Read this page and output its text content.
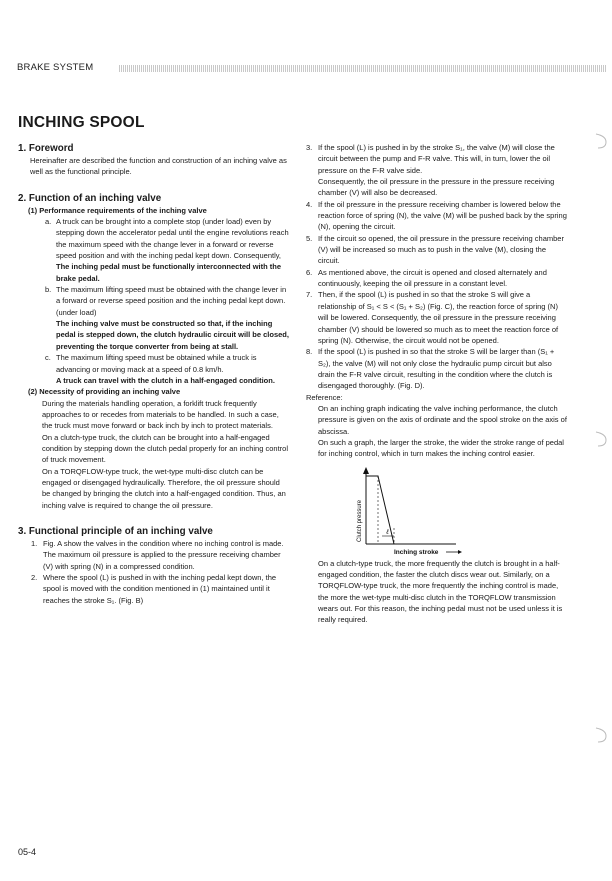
BRAKE SYSTEM
INCHING SPOOL
1. Foreword
Hereinafter are described the function and construction of an inching valve as well as the functional principle.
2. Function of an inching valve
(1) Performance requirements of the inching valve
a. A truck can be brought into a complete stop (under load) even by stepping down the accelerator pedal until the engine revolutions reach the maximum speed with the change lever in a forward or reverse speed position and with the inching pedal kept down. Consequently,
The inching pedal must be functionally interconnected with the brake pedal.
b. The maximum lifting speed must be obtained with the change lever in a forward or reverse speed position and the inching pedal kept down. (under load)
The inching valve must be constructed so that, if the inching pedal is stepped down, the clutch hydraulic circuit will be closed, preventing the torque converter from being at stall.
c. The maximum lifting speed must be obtained while a truck is advancing or moving mack at a speed of 0.8 km/h.
A truck can travel with the clutch in a half-engaged condition.
(2) Necessity of providing an inching valve
During the materials handling operation, a forklift truck frequently approaches to or recedes from materials to be handled. In such a case, the truck must move forward or back inch by inch to protect materials.
On a clutch-type truck, the clutch can be brought into a half-engaged condition by stepping down the clutch pedal properly for an inching control of truck movement.
On a TORQFLOW-type truck, the wet-type multi-disc clutch can be engaged or disengaged hydraulically. Therefore, the oil pressure should be changed by bringing the clutch into a half-engaged condition. Thus, an inching valve is required to change the oil pressure.
3. Functional principle of an inching valve
1. Fig. A show the valves in the condition where no inching control is made. The maximum oil pressure is applied to the pressure receiving chamber (V) with spring (N) in a compressed condition.
2. Where the spool (L) is pushed in with the inching pedal kept down, the spool is moved with the condition mentioned in (1) maintained until it reaches the stroke S₁. (Fig. B)
3. If the spool (L) is pushed in by the stroke S₁, the valve (M) will close the circuit between the pump and F-R valve. This will, in turn, lower the oil pressure on the F-R valve side.
Consequently, the oil pressure in the pressure in the pressure receiving chamber (V) will also be decreased.
4. If the oil pressure in the pressure receiving chamber is lowered below the reaction force of spring (N), the valve (M) will be pushed back by the spring (N), opening the circuit.
5. If the circuit so opened, the oil pressure in the pressure receiving chamber (V) will be increased so much as to push in the valve (M), closing the circuit.
6. As mentioned above, the circuit is opened and closed alternately and continuously, keeping the oil pressure in a constant level.
7. Then, if the spool (L) is pushed in so that the stroke S will give a relationship of S₁ < S < (S₁ + S₂) (Fig. C), the reaction force of spring (N) will be lowered. Consequently, the oil pressure in the pressure receiving chamber (V) should be lowered so much as to meet the reaction force of spring (N). Otherwise, the circuit would not be opened.
8. If the spool (L) is pushed in so that the stroke S will be larger than (S₁ + S₂), the valve (M) will not only close the hydraulic pump circuit but also drain the F-R valve circuit, resulting in the condition where the clutch is disengaged thoroughly. (Fig. D).
Reference:
On an inching graph indicating the valve inching performance, the clutch pressure is given on the axis of ordinate and the spool stroke on the axis of abscissa.
On such a graph, the larger the stroke, the wider the stroke range of pedal for inching control, which in turn makes the inching control easier.
ℓ
Clutch pressure
Inching stroke
On a clutch-type truck, the more frequently the clutch is brought in a half-engaged condition, the faster the clutch discs wear out. Similarly, on a TORQFLOW-type truck, the more frequently the inching control is made, the more the wet-type multi-disc clutch in the TORQFLOW transmission wears out. For this reason, the inching pedal must not be used unless it is really required.
05-4
